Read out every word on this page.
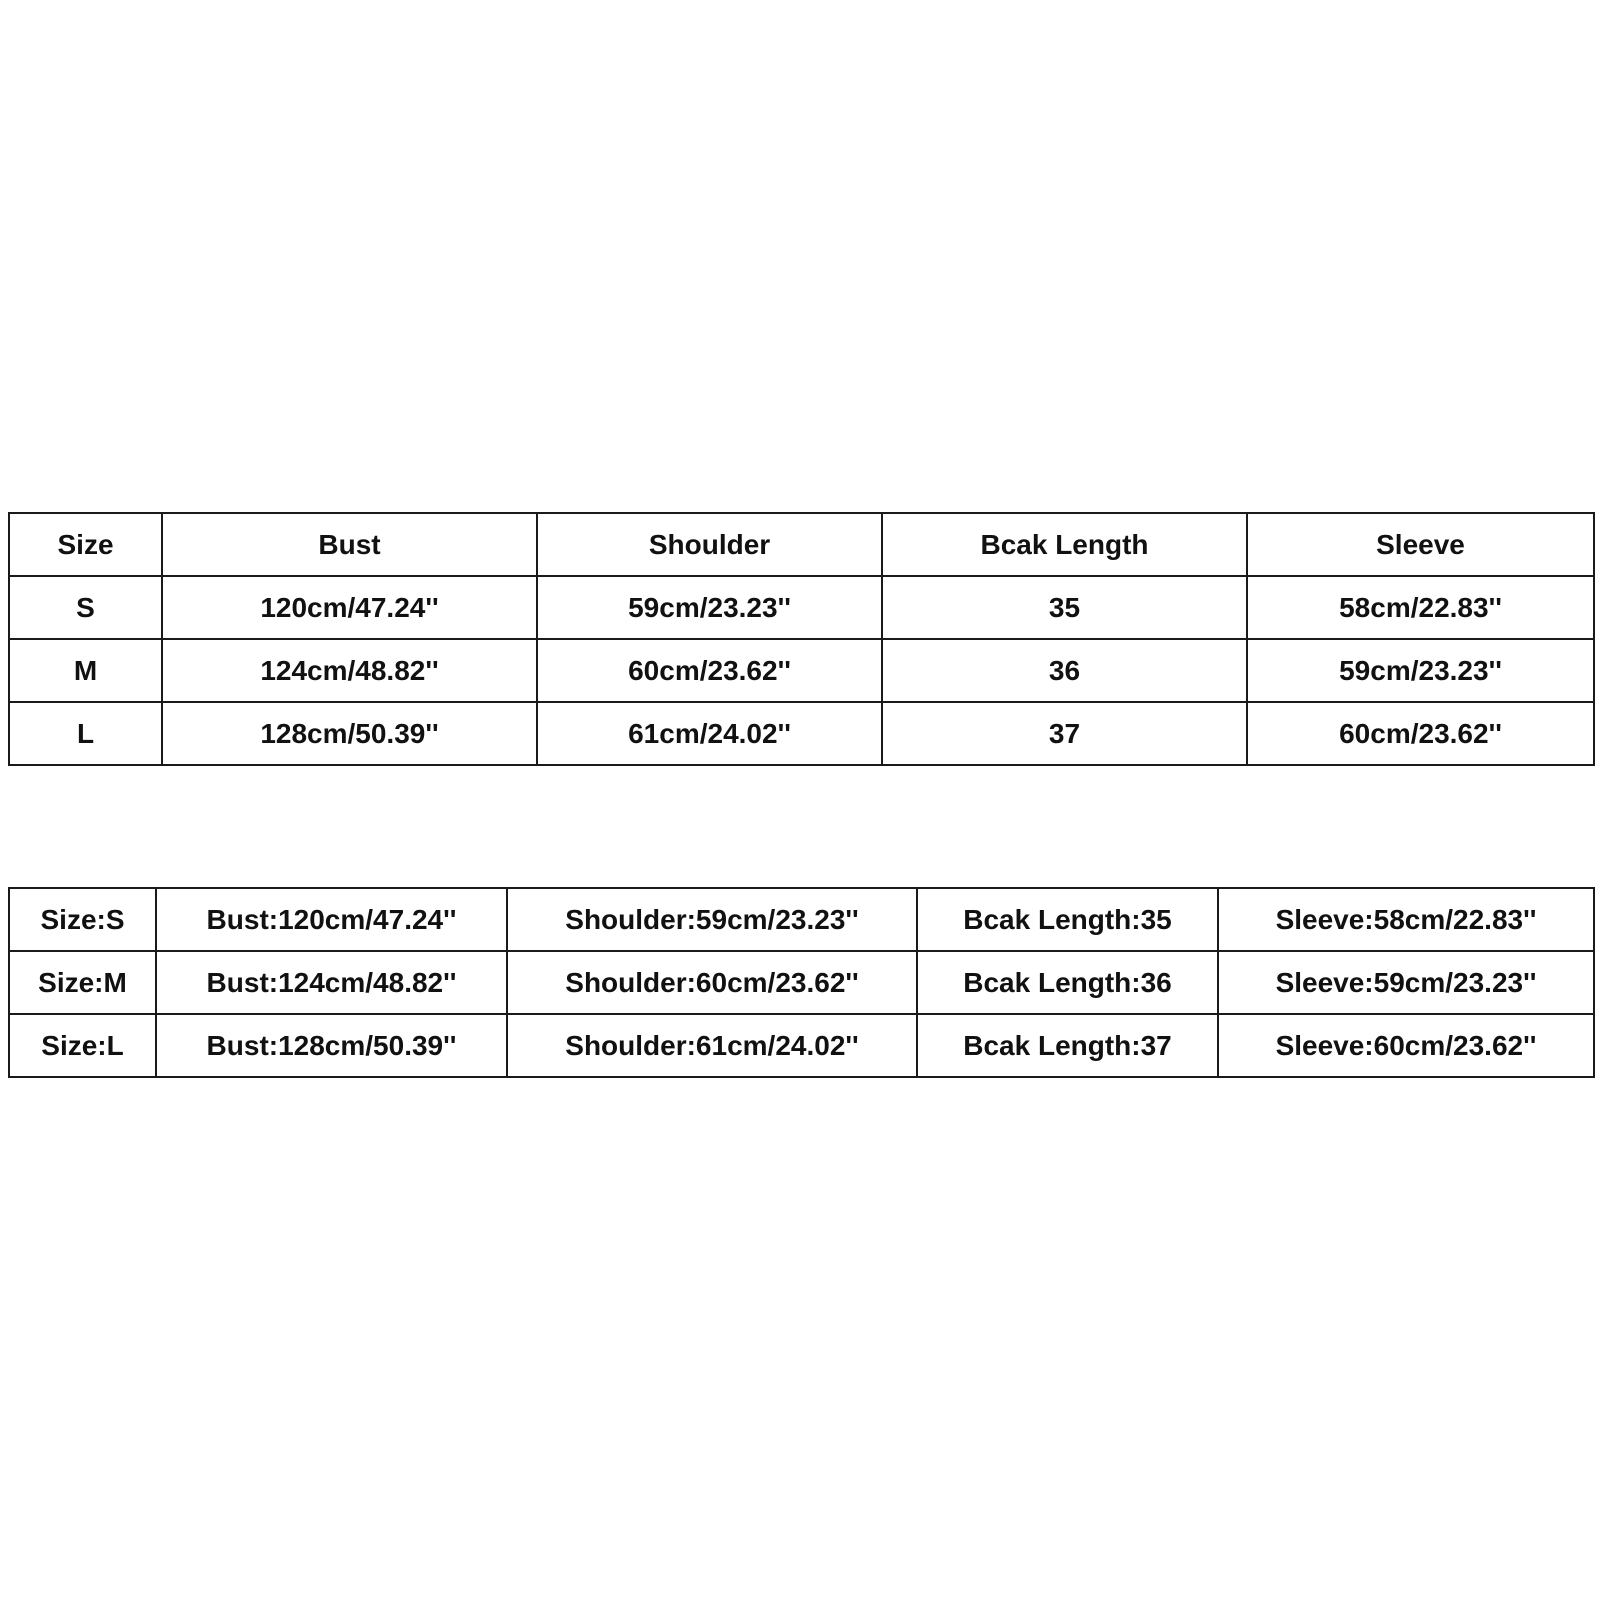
Size	Bust	Shoulder	Bcak Length	Sleeve
S	120cm/47.24''	59cm/23.23''	35	58cm/22.83''
M	124cm/48.82''	60cm/23.62''	36	59cm/23.23''
L	128cm/50.39''	61cm/24.02''	37	60cm/23.62''
Size:S	Bust:120cm/47.24''	Shoulder:59cm/23.23''	Bcak Length:35	Sleeve:58cm/22.83''
Size:M	Bust:124cm/48.82''	Shoulder:60cm/23.62''	Bcak Length:36	Sleeve:59cm/23.23''
Size:L	Bust:128cm/50.39''	Shoulder:61cm/24.02''	Bcak Length:37	Sleeve:60cm/23.62''
